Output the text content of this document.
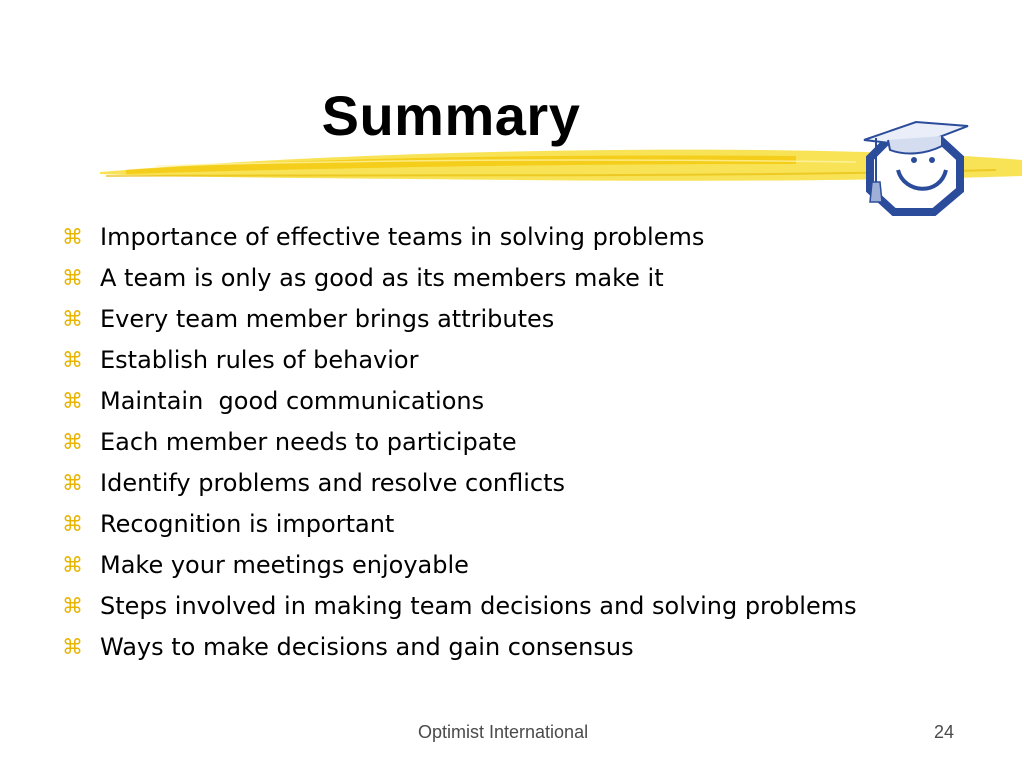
Summary
⌘ Importance of effective teams in solving problems
⌘ A team is only as good as its members make it
⌘ Every team member brings attributes
⌘ Establish rules of behavior
⌘ Maintain  good communications
⌘ Each member needs to participate
⌘ Identify problems and resolve conflicts
⌘ Recognition is important
⌘ Make your meetings enjoyable
⌘ Steps involved in making team decisions and solving problems
⌘ Ways to make decisions and gain consensus
Optimist International	24
